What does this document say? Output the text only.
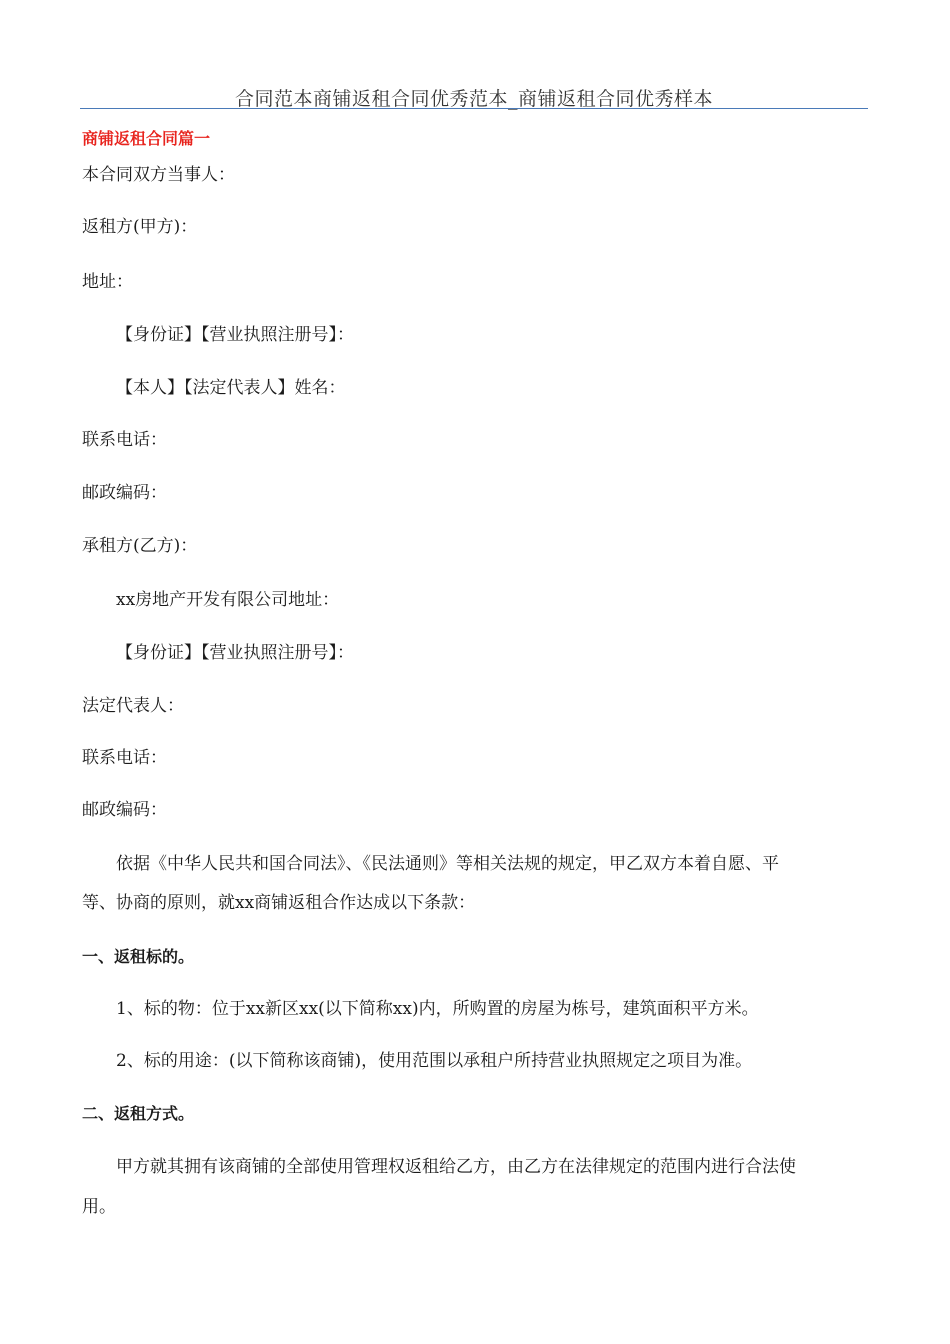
合同范本商铺返租合同优秀范本_商铺返租合同优秀样本
商铺返租合同篇一
本合同双方当事人：
返租方(甲方)：
地址：
【身份证】【营业执照注册号】：
【本人】【法定代表人】姓名：
联系电话：
邮政编码：
承租方(乙方)：
xx房地产开发有限公司地址：
【身份证】【营业执照注册号】：
法定代表人：
联系电话：
邮政编码：
依据《中华人民共和国合同法》、《民法通则》等相关法规的规定，甲乙双方本着自愿、平
等、协商的原则，就xx商铺返租合作达成以下条款：
一、返租标的。
1、标的物：位于xx新区xx(以下简称xx)内，所购置的房屋为栋号，建筑面积平方米。
2、标的用途：(以下简称该商铺)，使用范围以承租户所持营业执照规定之项目为准。
二、返租方式。
甲方就其拥有该商铺的全部使用管理权返租给乙方，由乙方在法律规定的范围内进行合法使
用。
